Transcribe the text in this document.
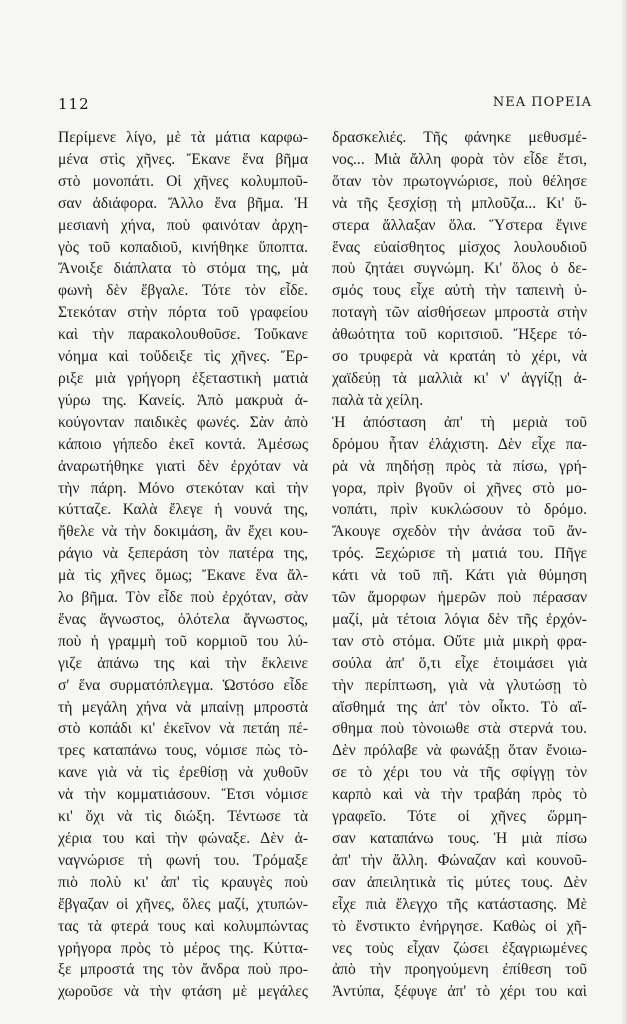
112	ΝΕΑ ΠΟΡΕΙΑ
Περίμενε λίγο, μὲ τὰ μάτια καρφω-
μένα στὶς χῆνες. Ἔκανε ἕνα βῆμα
στὸ μονοπάτι. Οἱ χῆνες κολυμποῦ-
σαν ἀδιάφορα. Ἄλλο ἕνα βῆμα. Ἡ
μεσιανὴ χήνα, ποὺ φαινόταν ἀρχη-
γὸς τοῦ κοπαδιοῦ, κινήθηκε ὕποπτα.
Ἄνοιξε διάπλατα τὸ στόμα της, μὰ
φωνὴ δὲν ἔβγαλε. Τότε τὸν εἶδε.
Στεκόταν στὴν πόρτα τοῦ γραφείου
καὶ τὴν παρακολουθοῦσε. Τοὔκανε
νόημα καὶ τοὔδειξε τὶς χῆνες. Ἔρ-
ριξε μιὰ γρήγορη ἐξεταστικὴ ματιὰ
γύρω της. Κανείς. Ἀπὸ μακρυὰ ἀ-
κούγονταν παιδικὲς φωνές. Σὰν ἀπὸ
κάποιο γήπεδο ἐκεῖ κοντά. Ἀμέσως
ἀναρωτήθηκε γιατὶ δὲν ἐρχόταν νὰ
τὴν πάρη. Μόνο στεκόταν καὶ τὴν
κύτταζε. Καλὰ ἔλεγε ἡ νουνά της,
ἤθελε νὰ τὴν δοκιμάση, ἂν ἔχει κου-
ράγιο νὰ ξεπεράση τὸν πατέρα της,
μὰ τὶς χῆνες ὅμως; Ἔκανε ἕνα ἄλ-
λο βῆμα. Τὸν εἶδε ποὺ ἐρχόταν, σὰν
ἕνας ἄγνωστος, ὁλότελα ἄγνωστος,
ποὺ ἡ γραμμὴ τοῦ κορμιοῦ του λύ-
γιζε ἀπάνω της καὶ τὴν ἔκλεινε
σ' ἕνα συρματόπλεγμα. Ὡστόσο εἶδε
τὴ μεγάλη χήνα νὰ μπαίνῃ μπροστὰ
στὸ κοπάδι κι' ἐκεῖνον νὰ πετάη πέ-
τρες καταπάνω τους, νόμισε πὼς τὸ-
κανε γιὰ νὰ τὶς ἐρεθίσῃ νὰ χυθοῦν
νὰ τὴν κομματιάσουν. Ἔτσι νόμισε
κι' ὄχι νὰ τὶς διώξη. Τέντωσε τὰ
χέρια του καὶ τὴν φώναξε. Δὲν ἀ-
ναγνώρισε τὴ φωνή του. Τρόμαξε
πιὸ πολὺ κι' ἀπ' τὶς κραυγὲς ποὺ
ἔβγαζαν οἱ χῆνες, ὅλες μαζί, χτυπών-
τας τὰ φτερά τους καὶ κολυμπώντας
γρήγορα πρὸς τὸ μέρος της. Κύττα-
ξε μπροστά της τὸν ἄνδρα ποὺ προ-
χωροῦσε νὰ τὴν φτάση μὲ μεγάλες
δρασκελιές. Τῆς φάνηκε μεθυσμέ-
νος... Μιὰ ἄλλη φορὰ τὸν εἶδε ἔτσι,
ὅταν τὸν πρωτογνώρισε, ποὺ θέλησε
νὰ τῆς ξεσχίσῃ τὴ μπλοῦζα... Κι' ὕ-
στερα ἄλλαξαν ὅλα. Ὕστερα ἔγινε
ἕνας εὐαίσθητος μίσχος λουλουδιοῦ
ποὺ ζητάει συγνώμη. Κι' ὅλος ὁ δε-
σμός τους εἶχε αὐτὴ τὴν ταπεινὴ ὑ-
ποταγὴ τῶν αἰσθήσεων μπροστὰ στὴν
ἀθωότητα τοῦ κοριτσιοῦ. Ἤξερε τό-
σο τρυφερὰ νὰ κρατάη τὸ χέρι, νὰ
χαϊδεύῃ τὰ μαλλιὰ κι' ν' ἀγγίζῃ ἀ-
παλὰ τὰ χείλη.
Ἡ ἀπόσταση ἀπ' τὴ μεριὰ τοῦ
δρόμου ἦταν ἐλάχιστη. Δὲν εἶχε πα-
ρὰ νὰ πηδήσῃ πρὸς τὰ πίσω, γρή-
γορα, πρὶν βγοῦν οἱ χῆνες στὸ μο-
νοπάτι, πρὶν κυκλώσουν τὸ δρόμο.
Ἄκουγε σχεδὸν τὴν ἀνάσα τοῦ ἄν-
τρός. Ξεχώρισε τὴ ματιά του. Πῆγε
κάτι νὰ τοῦ πῆ. Κάτι γιὰ θύμηση
τῶν ἄμορφων ἡμερῶν ποὺ πέρασαν
μαζί, μὰ τέτοια λόγια δὲν τῆς ἐρχόν-
ταν στὸ στόμα. Οὔτε μιὰ μικρὴ φρα-
σούλα ἀπ' ὅ,τι εἶχε ἑτοιμάσει γιὰ
τὴν περίπτωση, γιὰ νὰ γλυτώσῃ τὸ
αἴσθημά της ἀπ' τὸν οἶκτο. Τὸ αἴ-
σθημα ποὺ τὸνοιωθε στὰ στερνά του.
Δὲν πρόλαβε νὰ φωνάξῃ ὅταν ἔνοιω-
σε τὸ χέρι του νὰ τῆς σφίγγῃ τὸν
καρπὸ καὶ νὰ τὴν τραβάη πρὸς τὸ
γραφεῖο. Τότε οἱ χῆνες ὥρμη-
σαν καταπάνω τους. Ἡ μιὰ πίσω
ἀπ' τὴν ἄλλη. Φώναζαν καὶ κουνοῦ-
σαν ἀπειλητικὰ τὶς μύτες τους. Δὲν
εἶχε πιὰ ἔλεγχο τῆς κατάστασης. Μὲ
τὸ ἔνστικτο ἐνήργησε. Καθὼς οἱ χῆ-
νες τοὺς εἶχαν ζώσει ἐξαγριωμένες
ἀπὸ τὴν προηγούμενη ἐπίθεση τοῦ
Ἀντύπα, ξέφυγε ἀπ' τὸ χέρι του καὶ
